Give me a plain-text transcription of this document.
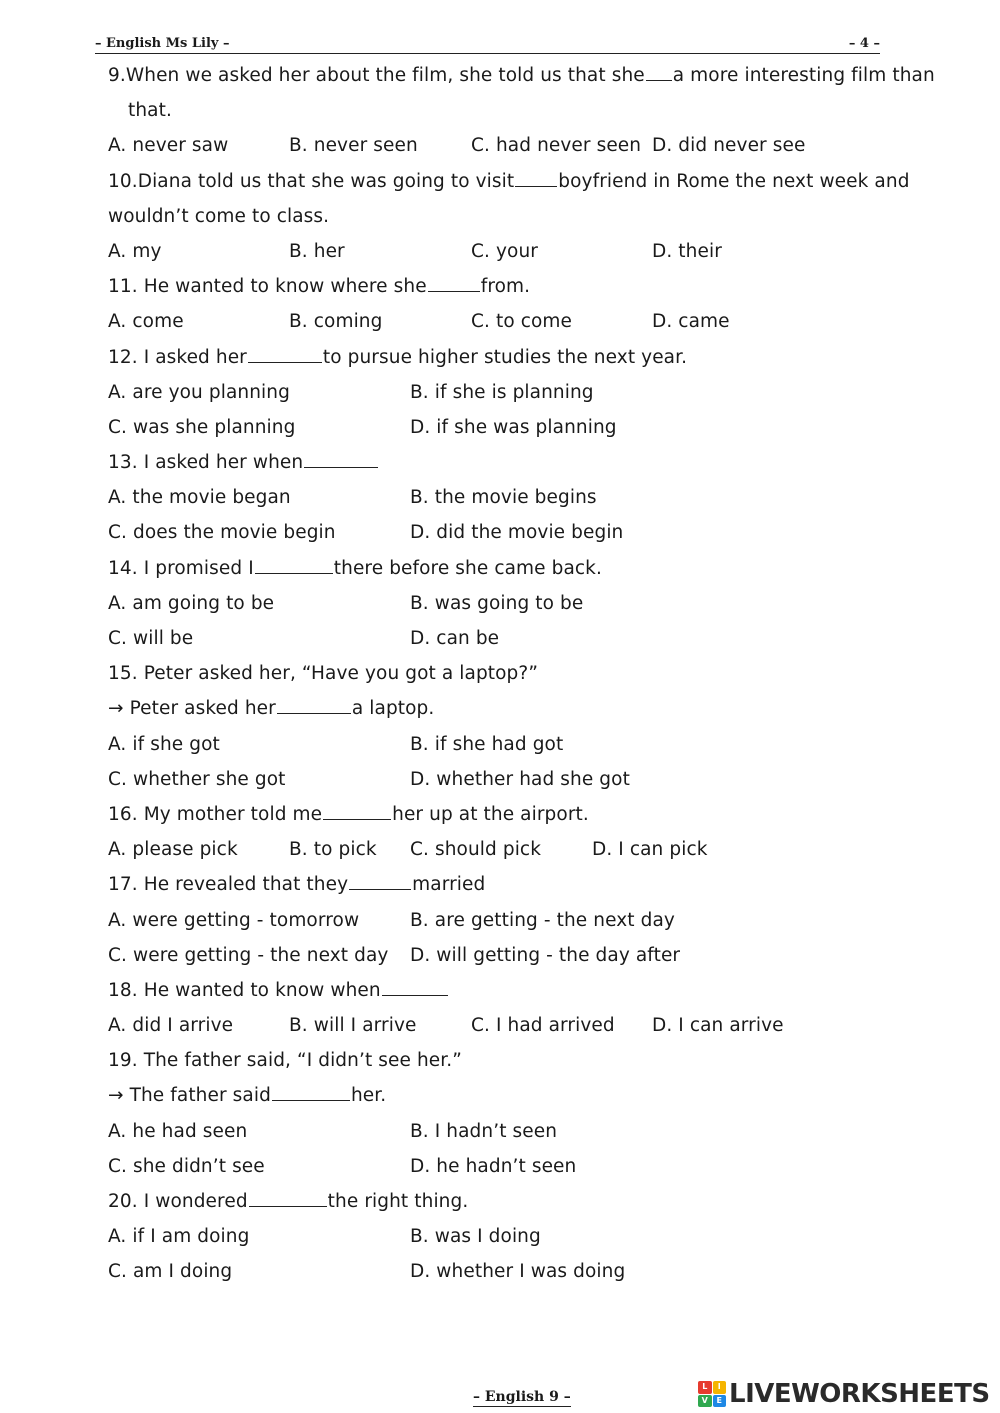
– English Ms Lily –	– 4 –
9.When we asked her about the film, she told us that she a more interesting film than
that.
A. never saw	B. never seen	C. had never seen D. did never see
10.Diana told us that she was going to visit boyfriend in Rome the next week and
wouldn’t come to class.
A. my	B. her	C. your	D. their
11. He wanted to know where she	from.
A. come	B. coming	C. to come	D. came
12. I asked her	to pursue higher studies the next year.
A. are you planning	B. if she is planning
C. was she planning	D. if she was planning
13. I asked her when
A. the movie began	B. the movie begins
C. does the movie begin	D. did the movie begin
14. I promised I	there before she came back.
A. am going to be	B. was going to be
C. will be	D. can be
15. Peter asked her, “Have you got a laptop?”
→ Peter asked her	a laptop.
A. if she got	B. if she had got
C. whether she got	D. whether had she got
16. My mother told me	her up at the airport.
A. please pick	B. to pick C. should pick	D. I can pick
17. He revealed that they	married
A. were getting - tomorrow	B. are getting - the next day
C. were getting - the next day D. will getting - the day after
18. He wanted to know when
A. did I arrive	B. will I arrive	C. I had arrived D. I can arrive
19. The father said, “I didn’t see her.”
→ The father said	her.
A. he had seen	B. I hadn’t seen
C. she didn’t see	D. he hadn’t seen
20. I wondered	the right thing.
A. if I am doing	B. was I doing
C. am I doing	D. whether I was doing
– English 9 –
L	I
V	E LIVEWORKSHEETS
